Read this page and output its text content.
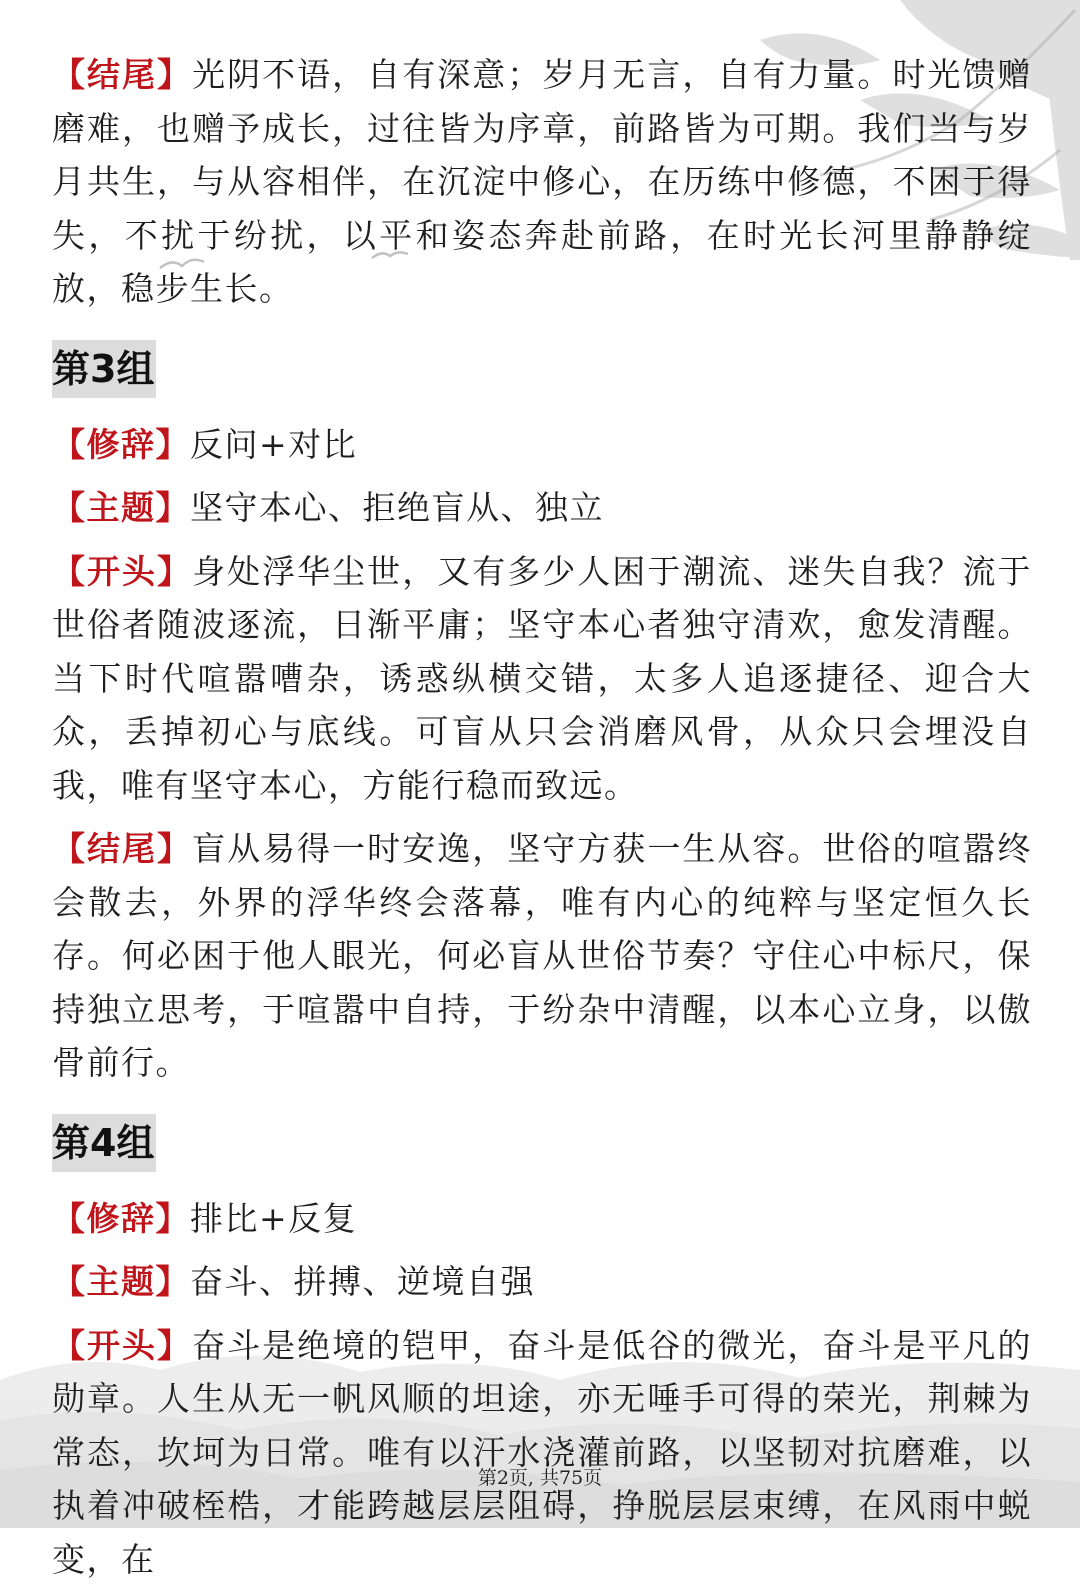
【结尾】光阴不语，自有深意；岁月无言，自有力量。时光馈赠磨难，也赠予成长，过往皆为序章，前路皆为可期。我们当与岁月共生，与从容相伴，在沉淀中修心，在历练中修德，不困于得失，不扰于纷扰，以平和姿态奔赴前路，在时光长河里静静绽放，稳步生长。

第3组

【修辞】反问+对比

【主题】坚守本心、拒绝盲从、独立

【开头】身处浮华尘世，又有多少人困于潮流、迷失自我？流于世俗者随波逐流，日渐平庸；坚守本心者独守清欢，愈发清醒。当下时代喧嚣嘈杂，诱惑纵横交错，太多人追逐捷径、迎合大众，丢掉初心与底线。可盲从只会消磨风骨，从众只会埋没自我，唯有坚守本心，方能行稳而致远。

【结尾】盲从易得一时安逸，坚守方获一生从容。世俗的喧嚣终会散去，外界的浮华终会落幕，唯有内心的纯粹与坚定恒久长存。何必困于他人眼光，何必盲从世俗节奏？守住心中标尺，保持独立思考，于喧嚣中自持，于纷杂中清醒，以本心立身，以傲骨前行。

第4组

【修辞】排比+反复

【主题】奋斗、拼搏、逆境自强

【开头】奋斗是绝境的铠甲，奋斗是低谷的微光，奋斗是平凡的勋章。人生从无一帆风顺的坦途，亦无唾手可得的荣光，荆棘为常态，坎坷为日常。唯有以汗水浇灌前路，以坚韧对抗磨难，以执着冲破桎梏，才能跨越层层阻碍，挣脱层层束缚，在风雨中蜕变，在

第2页, 共75页
